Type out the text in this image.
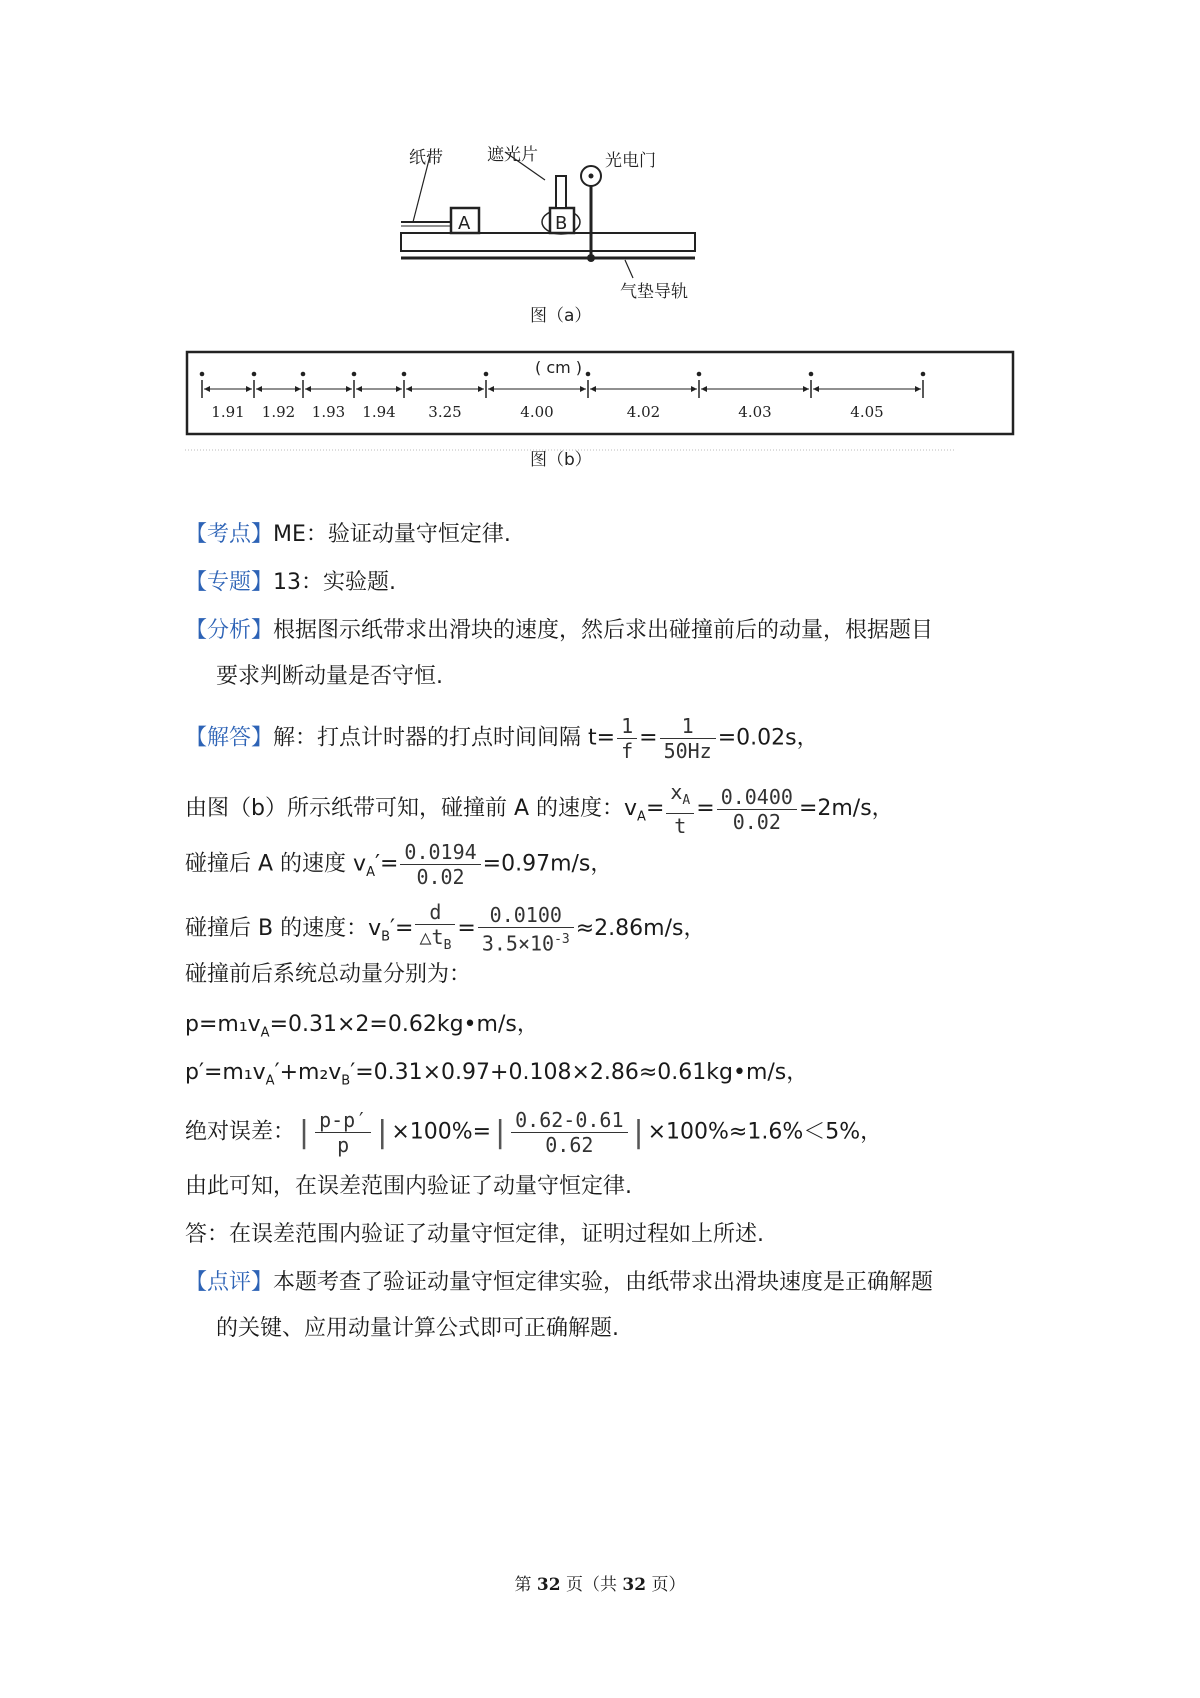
A	B
纸带	遮光片	光电门
气垫导轨
图（a）
( cm )
1.91 1.92 1.93 1.94 3.25	4.00	4.02	4.03	4.05
图（b）
【考点】ME：验证动量守恒定律.
【专题】13：实验题.
【分析】根据图示纸带求出滑块的速度，然后求出碰撞前后的动量，根据题目
要求判断动量是否守恒.
【解答】解：打点计时器的打点时间间隔 $t= \frac{1}{f} = \frac{1}{50Hz} =0.02s$，
由图（b）所示纸带可知，碰撞前 A 的速度：$v_A= \frac{x_A}{t} = \frac{0.0400}{0.02} =2m/s$，
碰撞后 A 的速度 $v_A'= \frac{0.0194}{0.02} =0.97m/s$，
碰撞后 B 的速度：$v_B'= \frac{d}{\triangle t_B} = \frac{0.0100}{3.5\times 10^{-3}} \approx 2.86m/s$，
碰撞前后系统总动量分别为：
$p=m_1v_A=0.31\times 2=0.62kg•m/s$，
$p'=m_1v_A'+m_2v_B'=0.31\times 0.97+0.108\times 2.86\approx 0.61kg•m/s$，
绝对误差：| $\frac{p-p'}{p} |\times 100\%=| \frac{0.62-0.61}{0.62} |\times 100\%\approx 1.6\%<5\%$，
由此可知，在误差范围内验证了动量守恒定律.
答：在误差范围内验证了动量守恒定律，证明过程如上所述.
【点评】本题考查了验证动量守恒定律实验，由纸带求出滑块速度是正确解题
的关键、应用动量计算公式即可正确解题.
第 32 页（共 32 页）
